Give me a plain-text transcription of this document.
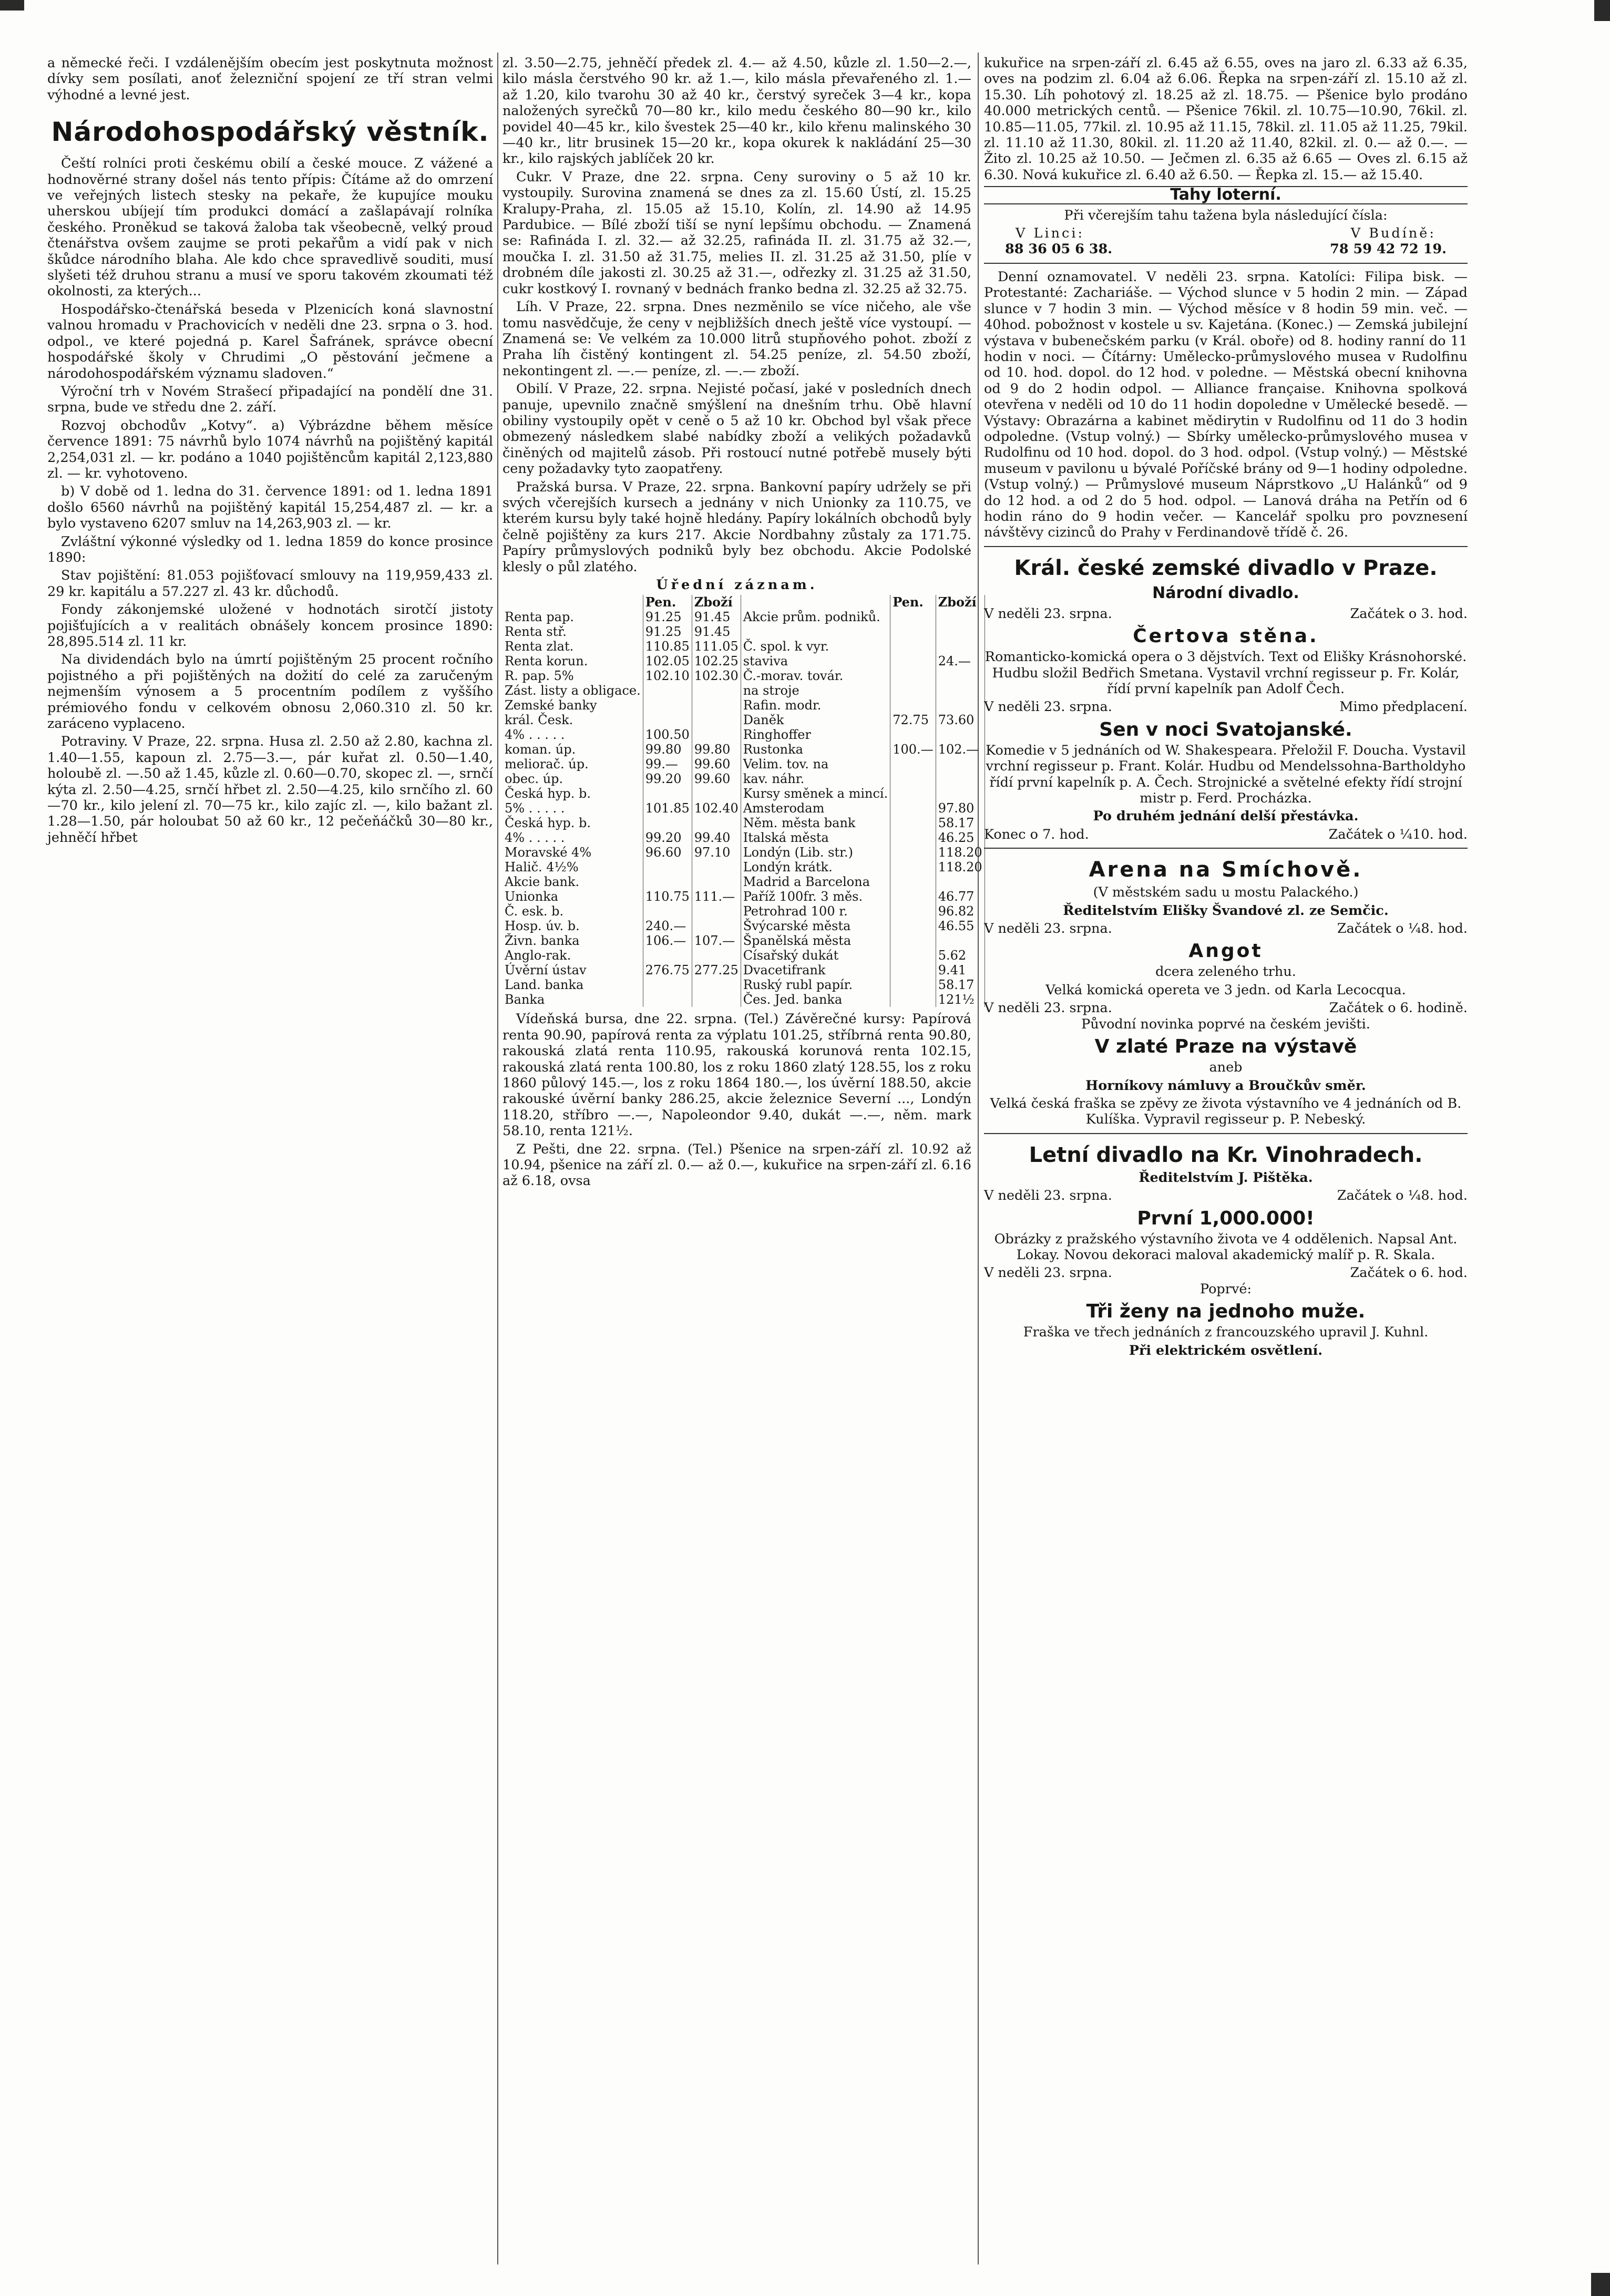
a německé řeči. I vzdálenějším obecím jest poskytnuta možnost dívky sem posílati, anoť železniční spojení ze tří stran velmi výhodné a levné jest.

Národohospodářský věstník.

Čeští rolníci proti českému obilí a české mouce. Z vážené a hodnověrné strany došel nás tento přípis: Čítáme až do omrzení ve veřejných listech stesky na pekaře, že kupujíce mouku uherskou ubíjejí tím produkci domácí a zašlapávají rolníka českého. Proněkud se taková žaloba tak všeobecně, velký proud čtenářstva ovšem zaujme se proti pekařům a vidí pak v nich škůdce národního blaha. Ale kdo chce spravedlivě souditi, musí slyšeti též druhou stranu a musí ve sporu takovém zkoumati též okolnosti, za kterých...

Hospodářsko-čtenářská beseda v Plzenicích koná slavnostní valnou hromadu v Prachovicích v neděli dne 23. srpna o 3. hod. odpol., ve které pojedná p. Karel Šafránek, správce obecní hospodářské školy v Chrudimi „O pěstování ječmene a národohospodářském významu sladoven.“

Výroční trh v Novém Strašecí připadající na pondělí dne 31. srpna, bude ve středu dne 2. září.

Rozvoj obchodův „Kotvy“. a) Výbrázdne během měsíce července 1891: 75 návrhů bylo 1074 návrhů na pojištěný kapitál 2,254,031 zl. — kr. podáno a 1040 pojištěncům kapitál 2,123,880 zl. — kr. vyhotoveno.

b) V době od 1. ledna do 31. července 1891: od 1. ledna 1891 došlo 6560 návrhů na pojištěný kapitál 15,254,487 zl. — kr. a bylo vystaveno 6207 smluv na 14,263,903 zl. — kr.

Zvláštní výkonné výsledky od 1. ledna 1859 do konce prosince 1890:

Stav pojištění: 81.053 pojišťovací smlouvy na 119,959,433 zl. 29 kr. kapitálu a 57.227 zl. 43 kr. důchodů.

Fondy zákonjemské uložené v hodnotách sirotčí jistoty pojišťujících a v realitách obnášely koncem prosince 1890: 28,895.514 zl. 11 kr.

Na dividendách bylo na úmrtí pojištěným 25 procent ročního pojistného a při pojištěných na dožití do celé za zaručeným nejmenším výnosem a 5 procentním podílem z vyššího prémiového fondu v celkovém obnosu 2,060.310 zl. 50 kr. zaráceno vyplaceno.

Potraviny. V Praze, 22. srpna. Husa zl. 2.50 až 2.80, kachna zl. 1.40—1.55, kapoun zl. 2.75—3.—, pár kuřat zl. 0.50—1.40, holoubě zl. —.50 až 1.45, kůzle zl. 0.60—0.70, skopec zl. —, srnčí kýta zl. 2.50—4.25, srnčí hřbet zl. 2.50—4.25, kilo srnčího zl. 60—70 kr., kilo jelení zl. 70—75 kr., kilo zajíc zl. —, kilo bažant zl. 1.28—1.50, pár holoubat 50 až 60 kr., 12 pečeňáčků 30—80 kr., jehněčí hřbet

zl. 3.50—2.75, jehněčí předek zl. 4.— až 4.50, kůzle zl. 1.50—2.—, kilo másla čerstvého 90 kr. až 1.—, kilo másla převařeného zl. 1.— až 1.20, kilo tvarohu 30 až 40 kr., čerstvý syreček 3—4 kr., kopa naložených syrečků 70—80 kr., kilo medu českého 80—90 kr., kilo povidel 40—45 kr., kilo švestek 25—40 kr., kilo křenu malinského 30—40 kr., litr brusinek 15—20 kr., kopa okurek k nakládání 25—30 kr., kilo rajských jablíček 20 kr.

Cukr. V Praze, dne 22. srpna. Ceny suroviny o 5 až 10 kr. vystoupily. Surovina znamená se dnes za zl. 15.60 Ústí, zl. 15.25 Kralupy-Praha, zl. 15.05 až 15.10, Kolín, zl. 14.90 až 14.95 Pardubice. — Bílé zboží tiší se nyní lepšímu obchodu. — Znamená se: Rafináda I. zl. 32.— až 32.25, rafináda II. zl. 31.75 až 32.—, moučka I. zl. 31.50 až 31.75, melies II. zl. 31.25 až 31.50, plíe v drobném díle jakosti zl. 30.25 až 31.—, odřezky zl. 31.25 až 31.50, cukr kostkový I. rovnaný v bednách franko bedna zl. 32.25 až 32.75.

Líh. V Praze, 22. srpna. Dnes nezměnilo se více ničeho, ale vše tomu nasvědčuje, že ceny v nejbližších dnech ještě více vystoupí. — Znamená se: Ve velkém za 10.000 litrů stupňového pohot. zboží z Praha líh čistěný kontingent zl. 54.25 peníze, zl. 54.50 zboží, nekontingent zl. —.— peníze, zl. —.— zboží.

Obilí. V Praze, 22. srpna. Nejisté počasí, jaké v posledních dnech panuje, upevnilo značně smýšlení na dnešním trhu. Obě hlavní obiliny vystoupily opět v ceně o 5 až 10 kr. Obchod byl však přece obmezený následkem slabé nabídky zboží a velikých požadavků činěných od majitelů zásob. Při rostoucí nutné potřebě musely býti ceny požadavky tyto zaopatřeny.

Pražská bursa. V Praze, 22. srpna. Bankovní papíry udržely se při svých včerejších kursech a jednány v nich Unionky za 110.75, ve kterém kursu byly také hojně hledány. Papíry lokálních obchodů byly čelně pojištěny za kurs 217. Akcie Nordbahny zůstaly za 171.75. Papíry průmyslových podniků byly bez obchodu. Akcie Podolské klesly o půl zlatého.

Úřední záznam.
	Pen.	Zboží		Pen.	Zboží
Renta pap.	91.25	91.45	Akcie prům. podniků.		
Renta stř.	91.25	91.45			
Renta zlat.	110.85	111.05	Č. spol. k vyr.		
Renta korun.	102.05	102.25	staviva		24.—
R. pap. 5%	102.10	102.30	Č.-morav. továr.		
Zást. listy a obligace.			na stroje		
Zemské banky			Rafin. modr.		
král. Česk.			Daněk	72.75	73.60
4% . . . . .	100.50		Ringhoffer		
koman. úp.	99.80	99.80	Rustonka	100.—	102.—
meliorač. úp.	99.—	99.60	Velim. tov. na		
obec. úp.	99.20	99.60	kav. náhr.		
Česká hyp. b.			Kursy směnek a mincí.		
5% . . . . .	101.85	102.40	Amsterodam		97.80
Česká hyp. b.			Něm. města bank		58.17
4% . . . . .	99.20	99.40	Italská města		46.25
Moravské 4%	96.60	97.10	Londýn (Lib. str.)		118.20
Halič. 4½%			Londýn krátk.		118.20
Akcie bank.			Madrid a Barcelona		
Unionka	110.75	111.—	Paříž 100fr. 3 měs.		46.77
Č. esk. b.			Petrohrad 100 r.		96.82
Hosp. úv. b.	240.—		Švýcarské města		46.55
Živn. banka	106.—	107.—	Španělská města		
Anglo-rak.			Císařský dukát		5.62
Úvěrní ústav	276.75	277.25	Dvacetifrank		9.41
Land. banka			Ruský rubl papír.		58.17
Banka			Čes. Jed. banka		121½

Vídeňská bursa, dne 22. srpna. (Tel.) Závěrečné kursy: Papírová renta 90.90, papírová renta za výplatu 101.25, stříbrná renta 90.80, rakouská zlatá renta 110.95, rakouská korunová renta 102.15, rakouská zlatá renta 100.80, los z roku 1860 zlatý 128.55, los z roku 1860 půlový 145.—, los z roku 1864 180.—, los úvěrní 188.50, akcie rakouské úvěrní banky 286.25, akcie železnice Severní ..., Londýn 118.20, stříbro —.—, Napoleondor 9.40, dukát —.—, něm. mark 58.10, renta 121½.

Z Pešti, dne 22. srpna. (Tel.) Pšenice na srpen-září zl. 10.92 až 10.94, pšenice na září zl. 0.— až 0.—, kukuřice na srpen-září zl. 6.16 až 6.18, ovsa

kukuřice na srpen-září zl. 6.45 až 6.55, oves na jaro zl. 6.33 až 6.35, oves na podzim zl. 6.04 až 6.06. Řepka na srpen-září zl. 15.10 až zl. 15.30. Líh pohotový zl. 18.25 až zl. 18.75. — Pšenice bylo prodáno 40.000 metrických centů. — Pšenice 76kil. zl. 10.75—10.90, 76kil. zl. 10.85—11.05, 77kil. zl. 10.95 až 11.15, 78kil. zl. 11.05 až 11.25, 79kil. zl. 11.10 až 11.30, 80kil. zl. 11.20 až 11.40, 82kil. zl. 0.— až 0.—. — Žito zl. 10.25 až 10.50. — Ječmen zl. 6.35 až 6.65 — Oves zl. 6.15 až 6.30. Nová kukuřice zl. 6.40 až 6.50. — Řepka zl. 15.— až 15.40.

Tahy loterní.

Při včerejším tahu tažena byla následující čísla:

V Linci:	V Budíně:
88 36 05 6 38.	78 59 42 72 19.

Denní oznamovatel. V neděli 23. srpna. Katolíci: Filipa bisk. — Protestanté: Zachariáše. — Východ slunce v 5 hodin 2 min. — Západ slunce v 7 hodin 3 min. — Východ měsíce v 8 hodin 59 min. več. — 40hod. pobožnost v kostele u sv. Kajetána. (Konec.) — Zemská jubilejní výstava v bubenečském parku (v Král. oboře) od 8. hodiny ranní do 11 hodin v noci. — Čítárny: Umělecko-průmyslového musea v Rudolfinu od 10. hod. dopol. do 12 hod. v poledne. — Městská obecní knihovna od 9 do 2 hodin odpol. — Alliance française. Knihovna spolková otevřena v neděli od 10 do 11 hodin dopoledne v Umělecké besedě. — Výstavy: Obrazárna a kabinet mědirytin v Rudolfinu od 11 do 3 hodin odpoledne. (Vstup volný.) — Sbírky umělecko-průmyslového musea v Rudolfinu od 10 hod. dopol. do 3 hod. odpol. (Vstup volný.) — Městské museum v pavilonu u bývalé Poříčské brány od 9—1 hodiny odpoledne. (Vstup volný.) — Průmyslové museum Náprstkovo „U Halánků“ od 9 do 12 hod. a od 2 do 5 hod. odpol. — Lanová dráha na Petřín od 6 hodin ráno do 9 hodin večer. — Kancelář spolku pro povznesení návštěvy cizinců do Prahy v Ferdinandově třídě č. 26.

Král. české zemské divadlo v Praze.
Národní divadlo.
V neděli 23. srpna.	Začátek o 3. hod.
Čertova stěna.

Romanticko-komická opera o 3 dějstvích. Text od Elišky Krásnohorské. Hudbu složil Bedřich Smetana. Vystavil vrchní regisseur p. Fr. Kolár, řídí první kapelník pan Adolf Čech.

V neděli 23. srpna.	Mimo předplacení.
Sen v noci Svatojanské.

Komedie v 5 jednáních od W. Shakespeara. Přeložil F. Doucha. Vystavil vrchní regisseur p. Frant. Kolár. Hudbu od Mendelssohna-Bartholdyho řídí první kapelník p. A. Čech. Strojnické a světelné efekty řídí strojní mistr p. Ferd. Procházka.

Po druhém jednání delší přestávka.

Konec o 7. hod.	Začátek o ¼10. hod.
Arena na Smíchově.

(V městském sadu u mostu Palackého.)

Ředitelstvím Elišky Švandové zl. ze Semčic.

V neděli 23. srpna.	Začátek o ¼8. hod.
Angot

dcera zeleného trhu.

Velká komická opereta ve 3 jedn. od Karla Lecocqua.

V neděli 23. srpna.	Začátek o 6. hodině.

Původní novinka poprvé na českém jevišti.

V zlaté Praze na výstavě

aneb

Horníkovy námluvy a Broučkův směr.

Velká česká fraška se zpěvy ze života výstavního ve 4 jednáních od B. Kulíška. Vypravil regisseur p. P. Nebeský.

Letní divadlo na Kr. Vinohradech.

Ředitelstvím J. Pištěka.

V neděli 23. srpna.	Začátek o ¼8. hod.
První 1,000.000!

Obrázky z pražského výstavního života ve 4 oddělenich. Napsal Ant. Lokay. Novou dekoraci maloval akademický malíř p. R. Skala.

V neděli 23. srpna.	Začátek o 6. hod.

Poprvé:

Tři ženy na jednoho muže.

Fraška ve třech jednáních z francouzského upravil J. Kuhnl.

Při elektrickém osvětlení.
